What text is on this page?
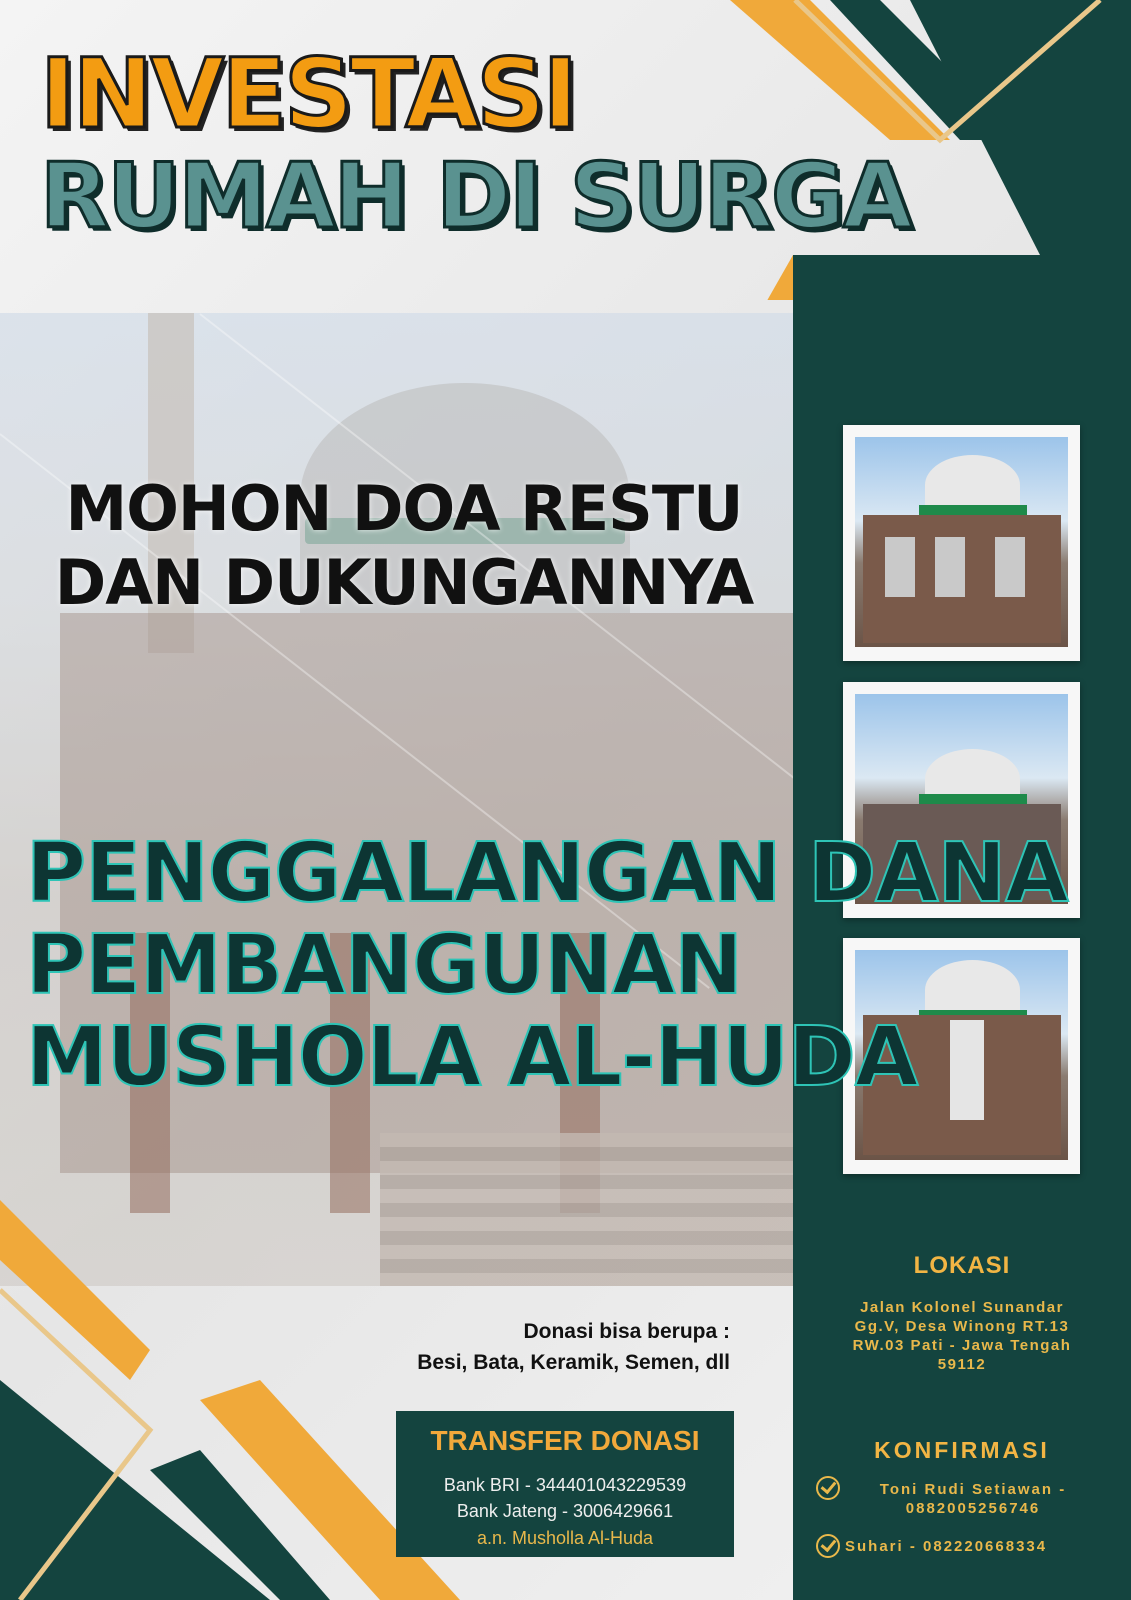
INVESTASI
RUMAH DI SURGA
MOHON DOA RESTU
DAN DUKUNGANNYA
PENGGALANGAN DANA
PEMBANGUNAN
MUSHOLA AL-HUDA
LOKASI
Jalan Kolonel Sunandar
Gg.V, Desa Winong RT.13
RW.03 Pati - Jawa Tengah
59112
KONFIRMASI
Toni Rudi Setiawan -
0882005256746
Suhari - 082220668334
Donasi bisa berupa :
Besi, Bata, Keramik, Semen, dll
TRANSFER DONASI
Bank BRI - 344401043229539
Bank Jateng - 3006429661
a.n. Musholla Al-Huda
